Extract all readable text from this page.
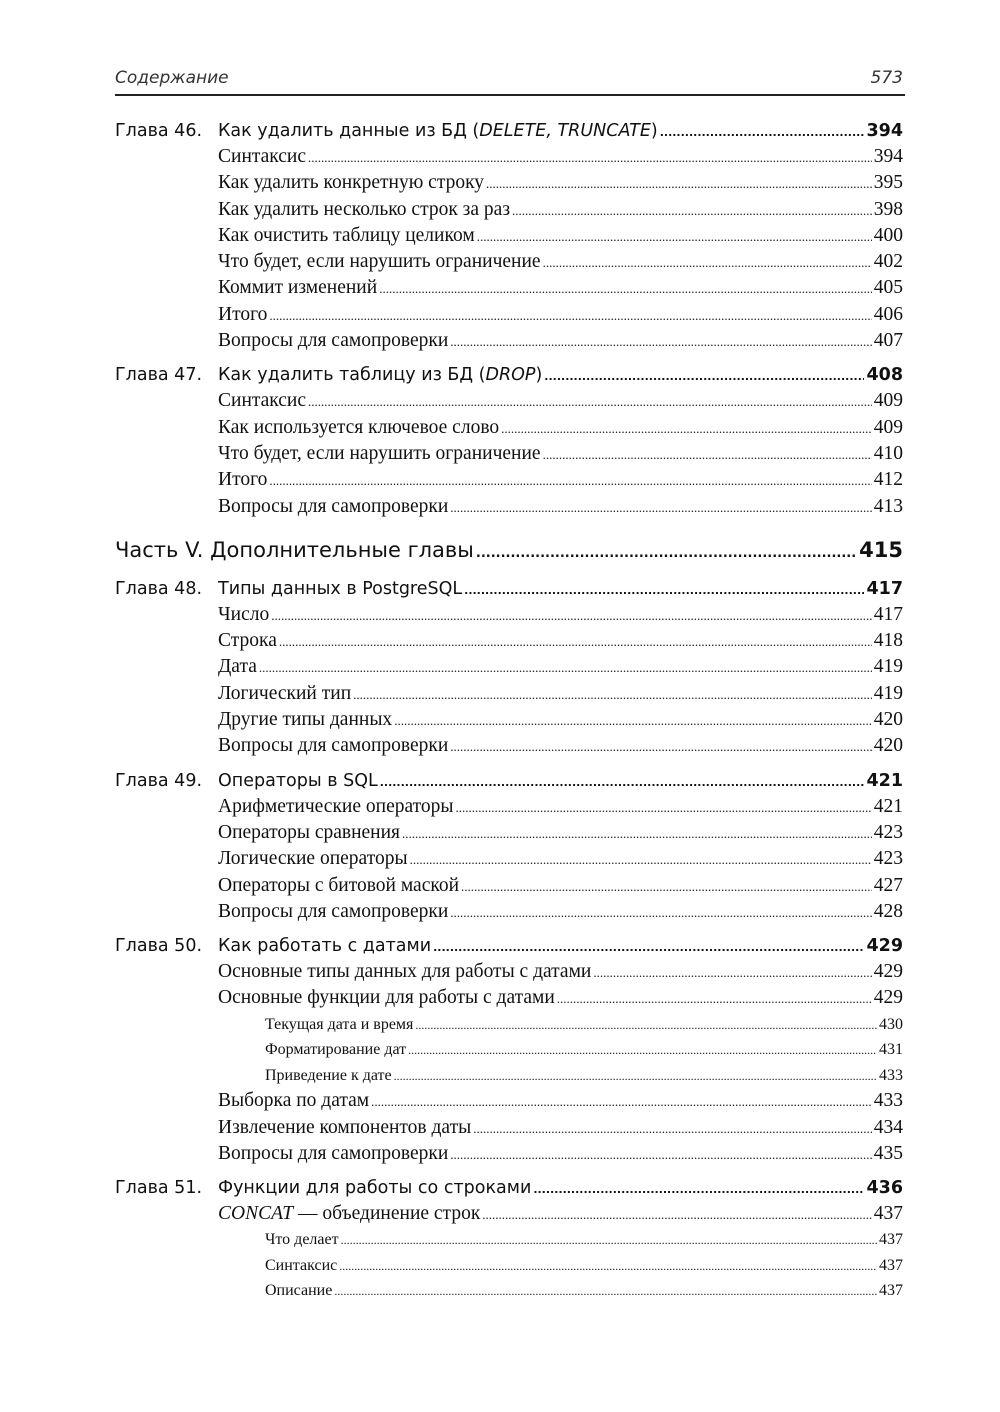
Содержание	573
Глава 46. Как удалить данные из БД (DELETE, TRUNCATE) .....	394
Синтаксис .....	394
Как удалить конкретную строку .....	395
Как удалить несколько строк за раз .....	398
Как очистить таблицу целиком .....	400
Что будет, если нарушить ограничение .....	402
Коммит изменений .....	405
Итого .....	406
Вопросы для самопроверки .....	407
Глава 47. Как удалить таблицу из БД (DROP) .....	408
Синтаксис .....	409
Как используется ключевое слово .....	409
Что будет, если нарушить ограничение .....	410
Итого .....	412
Вопросы для самопроверки .....	413
Часть V. Дополнительные главы .....	415
Глава 48. Типы данных в PostgreSQL .....	417
Число .....	417
Строка .....	418
Дата .....	419
Логический тип .....	419
Другие типы данных .....	420
Вопросы для самопроверки .....	420
Глава 49. Операторы в SQL .....	421
Арифметические операторы .....	421
Операторы сравнения .....	423
Логические операторы .....	423
Операторы с битовой маской .....	427
Вопросы для самопроверки .....	428
Глава 50. Как работать с датами .....	429
Основные типы данных для работы с датами .....	429
Основные функции для работы с датами .....	429
Текущая дата и время .....	430
Форматирование дат .....	431
Приведение к дате .....	433
Выборка по датам .....	433
Извлечение компонентов даты .....	434
Вопросы для самопроверки .....	435
Глава 51. Функции для работы со строками .....	436
CONCAT — объединение строк .....	437
Что делает .....	437
Синтаксис .....	437
Описание .....	437
